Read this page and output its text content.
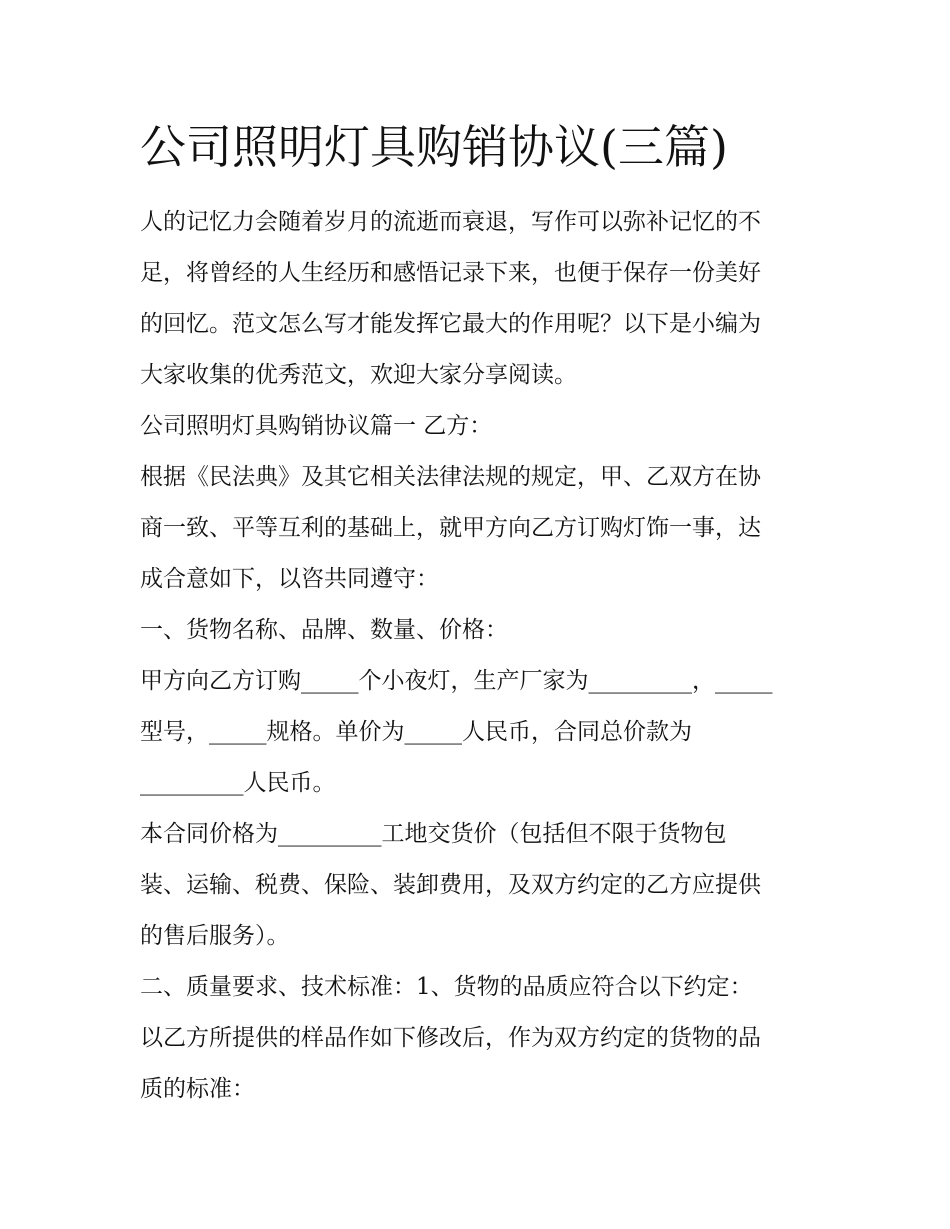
公司照明灯具购销协议(三篇)

人的记忆力会随着岁月的流逝而衰退，写作可以弥补记忆的不

足，将曾经的人生经历和感悟记录下来，也便于保存一份美好

的回忆。范文怎么写才能发挥它最大的作用呢？以下是小编为

大家收集的优秀范文，欢迎大家分享阅读。

公司照明灯具购销协议篇一 乙方：

根据《民法典》及其它相关法律法规的规定，甲、乙双方在协

商一致、平等互利的基础上，就甲方向乙方订购灯饰一事，达

成合意如下，以咨共同遵守：

一、货物名称、品牌、数量、价格：

甲方向乙方订购_____个小夜灯，生产厂家为_________，_____

型号，_____规格。单价为_____人民币，合同总价款为

_________人民币。

本合同价格为_________工地交货价（包括但不限于货物包

装、运输、税费、保险、装卸费用，及双方约定的乙方应提供

的售后服务）。

二、质量要求、技术标准：1、货物的品质应符合以下约定：

以乙方所提供的样品作如下修改后，作为双方约定的货物的品

质的标准：
